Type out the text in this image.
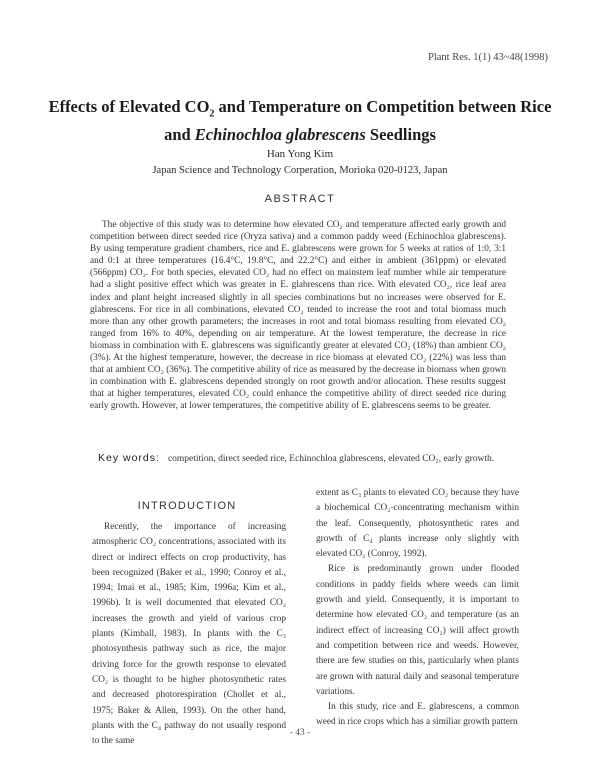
Plant Res. 1(1) 43~48(1998)
Effects of Elevated $CO_2$ and Temperature on Competition between Rice and Echinochloa glabrescens Seedlings
Han Yong Kim
Japan Science and Technology Corperation, Morioka 020-0123, Japan
ABSTRACT
The objective of this study was to determine how elevated CO₂ and temperature affected early growth and competition between direct seeded rice (Oryza sativa) and a common paddy weed (Echinochloa glabrescens). By using temperature gradient chambers, rice and E. glabrescens were grown for 5 weeks at ratios of 1:0, 3:1 and 0:1 at three temperatures (16.4°C, 19.8°C, and 22.2°C) and either in ambient (361ppm) or elevated (566ppm) CO₂. For both species, elevated CO₂ had no effect on mainstem leaf number while air temperature had a slight positive effect which was greater in E. glabrescens than rice. With elevated CO₂, rice leaf area index and plant height increased slightly in all species combinations but no increases were observed for E. glabrescens. For rice in all combinations, elevated CO₂ tended to increase the root and total biomass much more than any other growth parameters; the increases in root and total biomass resulting from elevated CO₂ ranged from 16% to 40%, depending on air temperature. At the lowest temperature, the decrease in rice biomass in combination with E. glabrescens was significantly greater at elevated CO₂ (18%) than ambient CO₂ (3%). At the highest temperature, however, the decrease in rice biomass at elevated CO₂ (22%) was less than that at ambient CO₂ (36%). The competitive ability of rice as measured by the decrease in biomass when grown in combination with E. glabrescens depended strongly on root growth and/or allocation. These results suggest that at higher temperatures, elevated CO₂ could enhance the competitive ability of direct seeded rice during early growth. However, at lower temperatures, the competitive ability of E. glabrescens seems to be greater.
Key words: competition, direct seeded rice, Echinochloa glabrescens, elevated CO₂, early growth.
INTRODUCTION

Recently, the importance of increasing atmospheric CO₂ concentrations, associated with its direct or indirect effects on crop productivity, has been recognized (Baker et al., 1990; Conroy et al., 1994; Imai et al., 1985; Kim, 1996a; Kim et al., 1996b). It is well documented that elevated CO₂ increases the growth and yield of various crop plants (Kimball, 1983). In plants with the C₃ photosynthesis pathway such as rice, the major driving force for the growth response to elevated CO₂ is thought to be higher photosynthetic rates and decreased photorespiration (Chollet et al., 1975; Baker & Allen, 1993). On the other hand, plants with the C₄ pathway do not usually respond to the same

extent as C₃ plants to elevated CO₂ because they have a biochemical CO₂-concentrating mechanism within the leaf. Consequently, photosynthetic rates and growth of C₄ plants increase only slightly with elevated CO₂ (Conroy, 1992).

Rice is predominantly grown under flooded conditions in paddy fields where weeds can limit growth and yield. Consequently, it is important to determine how elevated CO₂ and temperature (as an indirect effect of increasing CO₂) will affect growth and competition between rice and weeds. However, there are few studies on this, particularly when plants are grown with natural daily and seasonal temperature variations.

In this study, rice and E. glabrescens, a common weed in rice crops which has a similiar growth pattern

- 43 -
